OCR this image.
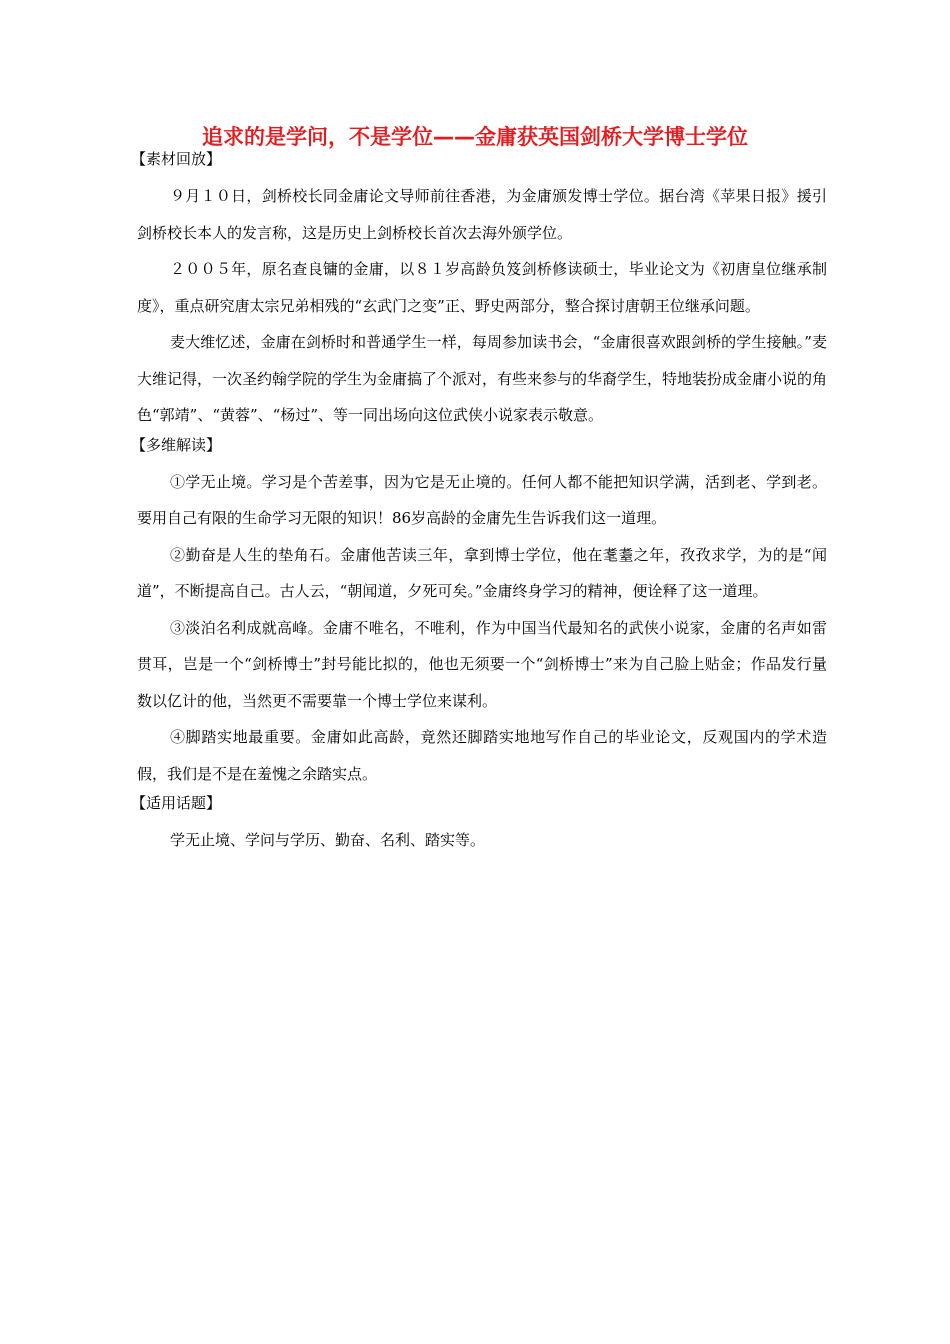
追求的是学问，不是学位——金庸获英国剑桥大学博士学位
【素材回放】

９月１０日，剑桥校长同金庸论文导师前往香港，为金庸颁发博士学位。据台湾《苹果日报》援引剑桥校长本人的发言称，这是历史上剑桥校长首次去海外颁学位。

２００５年，原名查良镛的金庸，以８１岁高龄负笈剑桥修读硕士，毕业论文为《初唐皇位继承制度》，重点研究唐太宗兄弟相残的“玄武门之变”正、野史两部分，整合探讨唐朝王位继承问题。

麦大维忆述，金庸在剑桥时和普通学生一样，每周参加读书会，“金庸很喜欢跟剑桥的学生接触。”麦大维记得，一次圣约翰学院的学生为金庸搞了个派对，有些来参与的华裔学生，特地装扮成金庸小说的角色“郭靖”、“黄蓉”、“杨过”、等一同出场向这位武侠小说家表示敬意。

【多维解读】

①学无止境。学习是个苦差事，因为它是无止境的。任何人都不能把知识学满，活到老、学到老。要用自己有限的生命学习无限的知识！86岁高龄的金庸先生告诉我们这一道理。

②勤奋是人生的垫角石。金庸他苦读三年，拿到博士学位，他在耄耋之年，孜孜求学，为的是“闻道”，不断提高自己。古人云，“朝闻道，夕死可矣。”金庸终身学习的精神，便诠释了这一道理。

③淡泊名利成就高峰。金庸不唯名，不唯利，作为中国当代最知名的武侠小说家，金庸的名声如雷贯耳，岂是一个“剑桥博士”封号能比拟的，他也无须要一个“剑桥博士”来为自己脸上贴金；作品发行量数以亿计的他，当然更不需要靠一个博士学位来谋利。

④脚踏实地最重要。金庸如此高龄，竟然还脚踏实地地写作自己的毕业论文，反观国内的学术造假，我们是不是在羞愧之余踏实点。

【适用话题】

学无止境、学问与学历、勤奋、名利、踏实等。
